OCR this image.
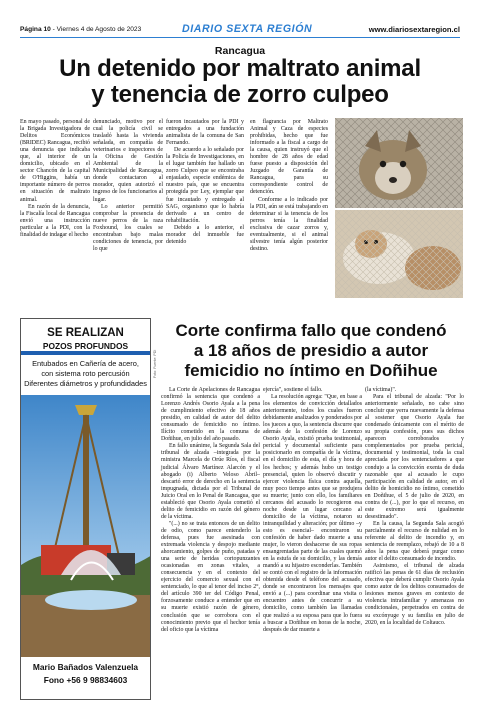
Página 10 - Viernes 4 de Agosto de 2023	DIARIO SEXTA REGIÓN	www.diariosextaregion.cl
Rancagua
Un detenido por maltrato animal
y tenencia de zorro culpeo

En mayo pasado, personal de la Brigada Investigadora de Delitos Económicos (BRIDEC) Rancagua, recibió una denuncia que indicaba que, al interior de un domicilio, ubicado en el sector Chancón de la capital de O'Higgins, había un importante número de perros en situación de maltrato animal.

En razón de la denuncia, la Fiscalía local de Rancagua envió una instrucción particular a la PDI, con la finalidad de indagar el hecho

denunciado, motivo por el cual la policía civil se trasladó hasta la vivienda señalada, en compañía de veterinarios e inspectores de la Oficina de Gestión Ambiental de la Municipalidad de Rancagua, donde contactaron al morador, quien autorizó el ingreso de los funcionarios al lugar.

Lo anterior permitió comprobar la presencia de nueve perros de la raza Foxhound, los cuales se encontraban bajo malas condiciones de tenencia, por lo que

fueron incautados por la PDI y entregados a una fundación animalista de la comuna de San Fernando.

De acuerdo a lo señalado por la Policía de Investigaciones, en el lugar también fue hallado un zorro Culpeo que se encontraba enjaulado, especie endémica de nuestro país, que se encuentra protegida por Ley, ejemplar que fue incautado y entregado al SAG, organismo que lo habría derivado a un centro de rehabilitación.

Debido a lo anterior, el morador del inmueble fue detenido

en flagrancia por Maltrato Animal y Caza de especies prohibidas, hecho que fue informado a la fiscal a cargo de la causa, quien instruyó que el hombre de 28 años de edad fuese puesto a disposición del Juzgado de Garantía de Rancagua, para su correspondiente control de detención.

Conforme a lo indicado por la PDI, aún se está trabajando en determinar si la tenencia de los perros tenía la finalidad exclusiva de cazar zorros y, eventualmente, si el animal silvestre tenía algún posterior destino.

SE REALIZAN
POZOS PROFUNDOS
Entubados en Cañería de acero,
con sistema roto percusión
Diferentes diámetros y profundidades
Mario Bañados Valenzuela
Fono +56 9 98834603
Foto: Fuente: PDI
Corte confirma fallo que condenó
a 18 años de presidio a autor
femicidio no íntimo en Doñihue

La Corte de Apelaciones de Rancagua confirmó la sentencia que condenó a Lorenzo Andrés Osorio Ayala a la pena de cumplimiento efectivo de 18 años presidio, en calidad de autor del delito consumado de femicidio no íntimo. Ilícito cometido en la comuna de Doñihue, en julio del año pasado.

En fallo unánime, la Segunda Sala del tribunal de alzada –integrada por la ministra Marcela de Orúe Ríos, el fiscal judicial Álvaro Martínez Alarcón y el abogado (i) Alberto Veloso Abril– descartó error de derecho en la sentencia impugnada, dictada por el Tribunal de Juicio Oral en lo Penal de Rancagua, que estableció que Osorio Ayala cometió el delito de femicidio en razón del género de la víctima.

"(...) no se trata entonces de un delito de odio, como parece entenderlo la defensa, pues fue asesinada con extremada violencia y despojo mediante ahorcamiento, golpes de puño, patadas y una serie de heridas cortopunzantes ocasionadas en zonas vitales, a consecuencia y en el contexto del ejercicio del comercio sexual con el sentenciado, lo que al tenor del inciso 2°, del artículo 390 ter del Código Penal, forzosamente conduce a entender que en su muerte existió razón de género, conclusión que se corrobora con el conocimiento previo que el hechor tenía del oficio que la víctima

ejercía", sostiene el fallo.

La resolución agrega: "Que, en base a los elementos de convicción detallados anteriormente, todos los cuales fueron debidamente analizados y ponderados por los jueces a quo, la sentencia discurre que además de la confesión de Lorenzo Osorio Ayala, existió prueba testimonial, pericial y documental suficiente para posicionarlo en compañía de la víctima, en el domicilio de esta, el día y hora de los hechos; y además hubo un testigo presencial, quien lo observó discutir y ejercer violencia física contra aquella, muy poco tiempo antes que se produjera su muerte; junto con ello, los familiares cercanos del acusado lo recogieron esa noche desde un lugar cercano al domicilio de la víctima, notaron su intranquilidad y alteración; por último –y esto es esencial– encontraron su confesión de haber dado muerte a una mujer, lo vieron deshacerse de sus ropas ensangrentadas parte de las cuales quemó en la estufa de su domicilio, y las demás mandó a su hijastro esconderlas. También se contó con el registro de la información obtenida desde el teléfono del acusado, donde se encontraron los mensajes que envió a (...) para coordinar una visita o encuentro antes de concurrir a su domicilio, como también las llamadas que realizó a su esposa para que lo fuera a buscar a Doñihue en horas de la noche, después de dar muerte a

(la víctima)".

Para el tribunal de alzada: "Por lo anteriormente señalado, no cabe sino concluir que yerra nuevamente la defensa al sostener que Osorio Ayala fue condenado únicamente con el mérito de su propia confesión, pues sus dichos aparecen corroborados y complementados por prueba pericial, documental y testimonial, toda la cual apreciada por los sentenciadores a que condujo a la convicción exenta de duda razonable que al acusado le cupo participación en calidad de autor, en el delito de homicidio no íntimo, cometido en Doñihue, el 5 de julio de 2020, en contra de (...), por lo que el recurso, en este extremo será igualmente desestimado".

En la causa, la Segunda Sala acogió parcialmente el recurso de nulidad en lo referente al delito de incendio y, en sentencia de reemplazo, rebajó de 10 a 8 años la pena que deberá purgar como autor el delito consumado de incendio.

Asimismo, el tribunal de alzada ratificó las penas de 61 días de reclusión efectiva que deberá cumplir Osorio Ayala como autor de los delitos consumados de lesiones menos graves en contexto de violencia intrafamiliar y amenazas no condicionales, perpetrados en contra de su excónyuge y su familia en julio de 2020, en la localidad de Coltauco.
